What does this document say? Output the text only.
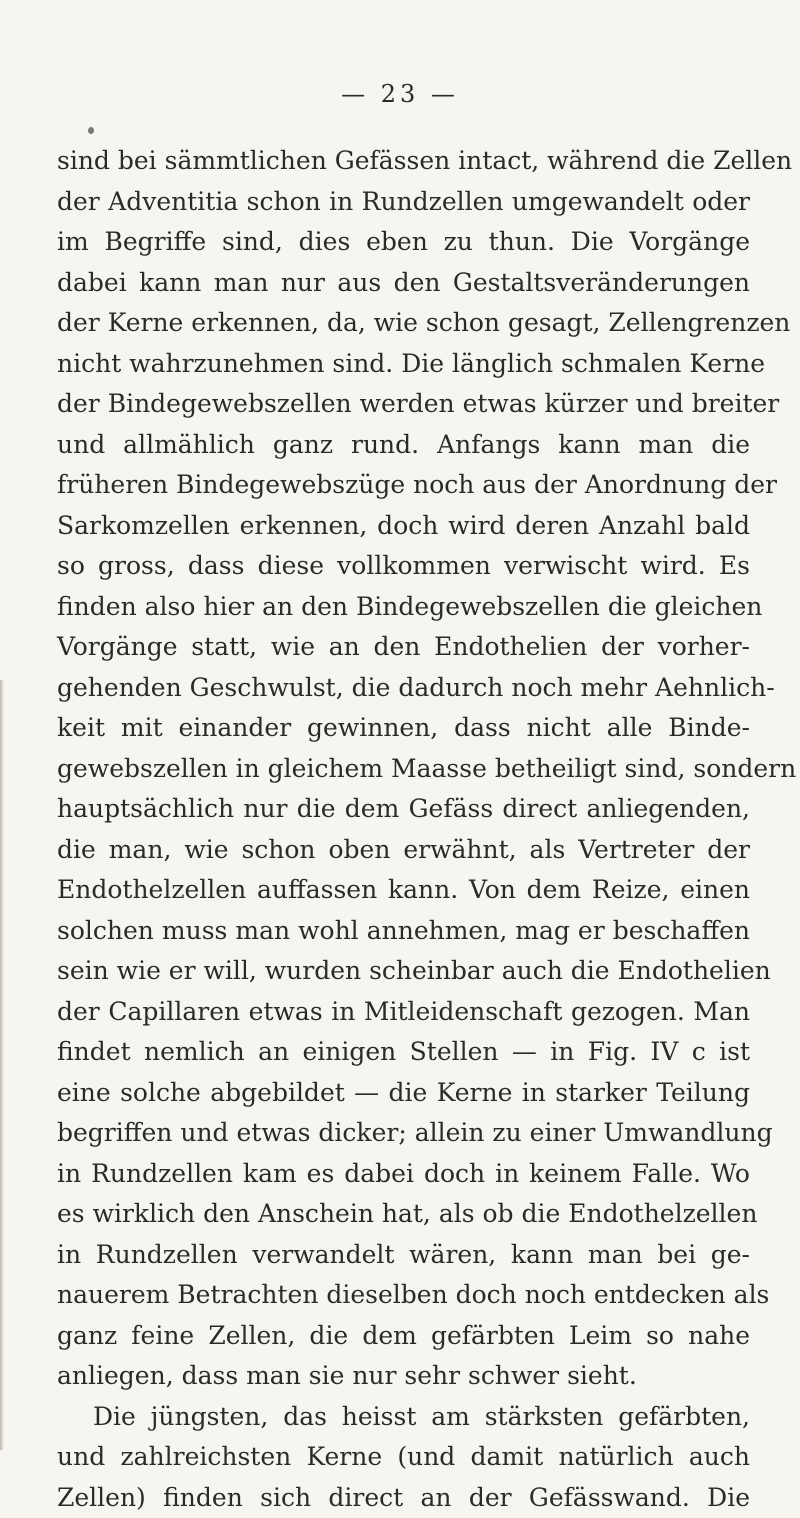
— 23 —
sind bei sämmtlichen Gefässen intact, während die Zellen
der Adventitia schon in Rundzellen umgewandelt oder
im Begriffe sind, dies eben zu thun. Die Vorgänge
dabei kann man nur aus den Gestaltsveränderungen
der Kerne erkennen, da, wie schon gesagt, Zellengrenzen
nicht wahrzunehmen sind. Die länglich schmalen Kerne
der Bindegewebszellen werden etwas kürzer und breiter
und allmählich ganz rund. Anfangs kann man die
früheren Bindegewebszüge noch aus der Anordnung der
Sarkomzellen erkennen, doch wird deren Anzahl bald
so gross, dass diese vollkommen verwischt wird. Es
finden also hier an den Bindegewebszellen die gleichen
Vorgänge statt, wie an den Endothelien der vorher-
gehenden Geschwulst, die dadurch noch mehr Aehnlich-
keit mit einander gewinnen, dass nicht alle Binde-
gewebszellen in gleichem Maasse betheiligt sind, sondern
hauptsächlich nur die dem Gefäss direct anliegenden,
die man, wie schon oben erwähnt, als Vertreter der
Endothelzellen auffassen kann. Von dem Reize, einen
solchen muss man wohl annehmen, mag er beschaffen
sein wie er will, wurden scheinbar auch die Endothelien
der Capillaren etwas in Mitleidenschaft gezogen. Man
findet nemlich an einigen Stellen — in Fig. IV c ist
eine solche abgebildet — die Kerne in starker Teilung
begriffen und etwas dicker; allein zu einer Umwandlung
in Rundzellen kam es dabei doch in keinem Falle. Wo
es wirklich den Anschein hat, als ob die Endothelzellen
in Rundzellen verwandelt wären, kann man bei ge-
nauerem Betrachten dieselben doch noch entdecken als
ganz feine Zellen, die dem gefärbten Leim so nahe
anliegen, dass man sie nur sehr schwer sieht.
Die jüngsten, das heisst am stärksten gefärbten,
und zahlreichsten Kerne (und damit natürlich auch
Zellen) finden sich direct an der Gefässwand. Die
